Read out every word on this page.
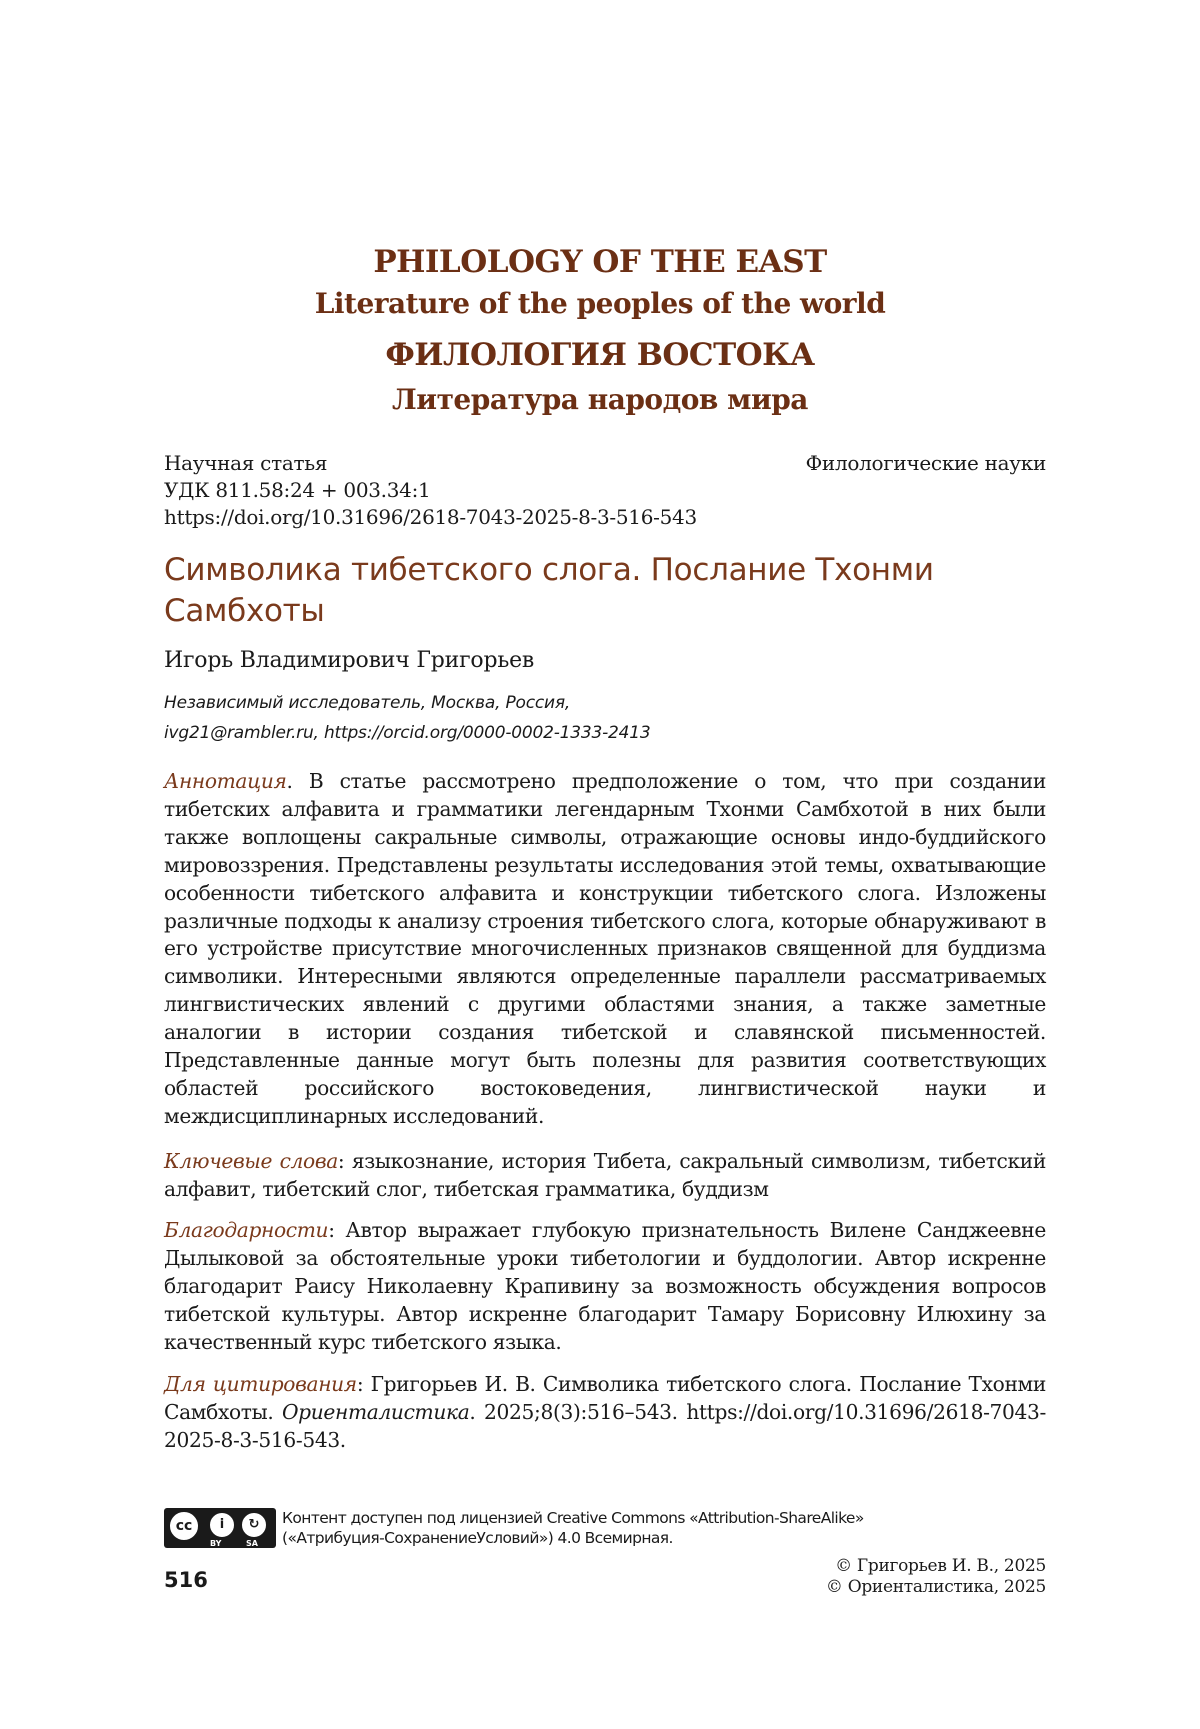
PHILOLOGY OF THE EAST
Literature of the peoples of the world
ФИЛОЛОГИЯ ВОСТОКА
Литература народов мира
Научная статья	Филологические науки
УДК 811.58:24 + 003.34:1
https://doi.org/10.31696/2618-7043-2025-8-3-516-543
Символика тибетского слога. Послание Тхонми Самбхоты
Игорь Владимирович Григорьев
Независимый исследователь, Москва, Россия,
ivg21@rambler.ru, https://orcid.org/0000-0002-1333-2413
Аннотация. В статье рассмотрено предположение о том, что при создании тибетских алфавита и грамматики легендарным Тхонми Самбхотой в них были также воплощены сакральные символы, отражающие основы индо-буддийского мировоззрения. Представлены результаты исследования этой темы, охватывающие особенности тибетского алфавита и конструкции тибетского слога. Изложены различные подходы к анализу строения тибетского слога, которые обнаруживают в его устройстве присутствие многочисленных признаков священной для буддизма символики. Интересными являются определенные параллели рассматриваемых лингвистических явлений с другими областями знания, а также заметные аналогии в истории создания тибетской и славянской письменностей. Представленные данные могут быть полезны для развития соответствующих областей российского востоковедения, лингвистической науки и междисциплинарных исследований.
Ключевые слова: языкознание, история Тибета, сакральный символизм, тибетский алфавит, тибетский слог, тибетская грамматика, буддизм
Благодарности: Автор выражает глубокую признательность Вилене Санджеевне Дылыковой за обстоятельные уроки тибетологии и буддологии. Автор искренне благодарит Раису Николаевну Крапивину за возможность обсуждения вопросов тибетской культуры. Автор искренне благодарит Тамару Борисовну Илюхину за качественный курс тибетского языка.
Для цитирования: Григорьев И. В. Символика тибетского слога. Послание Тхонми Самбхоты. Ориенталистика. 2025;8(3):516–543. https://doi.org/10.31696/2618-7043-2025-8-3-516-543.
cc	i	↻
BY	SA
Контент доступен под лицензией Creative Commons «Attribution-ShareAlike»
(«Атрибуция-СохранениеУсловий») 4.0 Всемирная.
516
© Григорьев И. В., 2025
© Ориенталистика, 2025
